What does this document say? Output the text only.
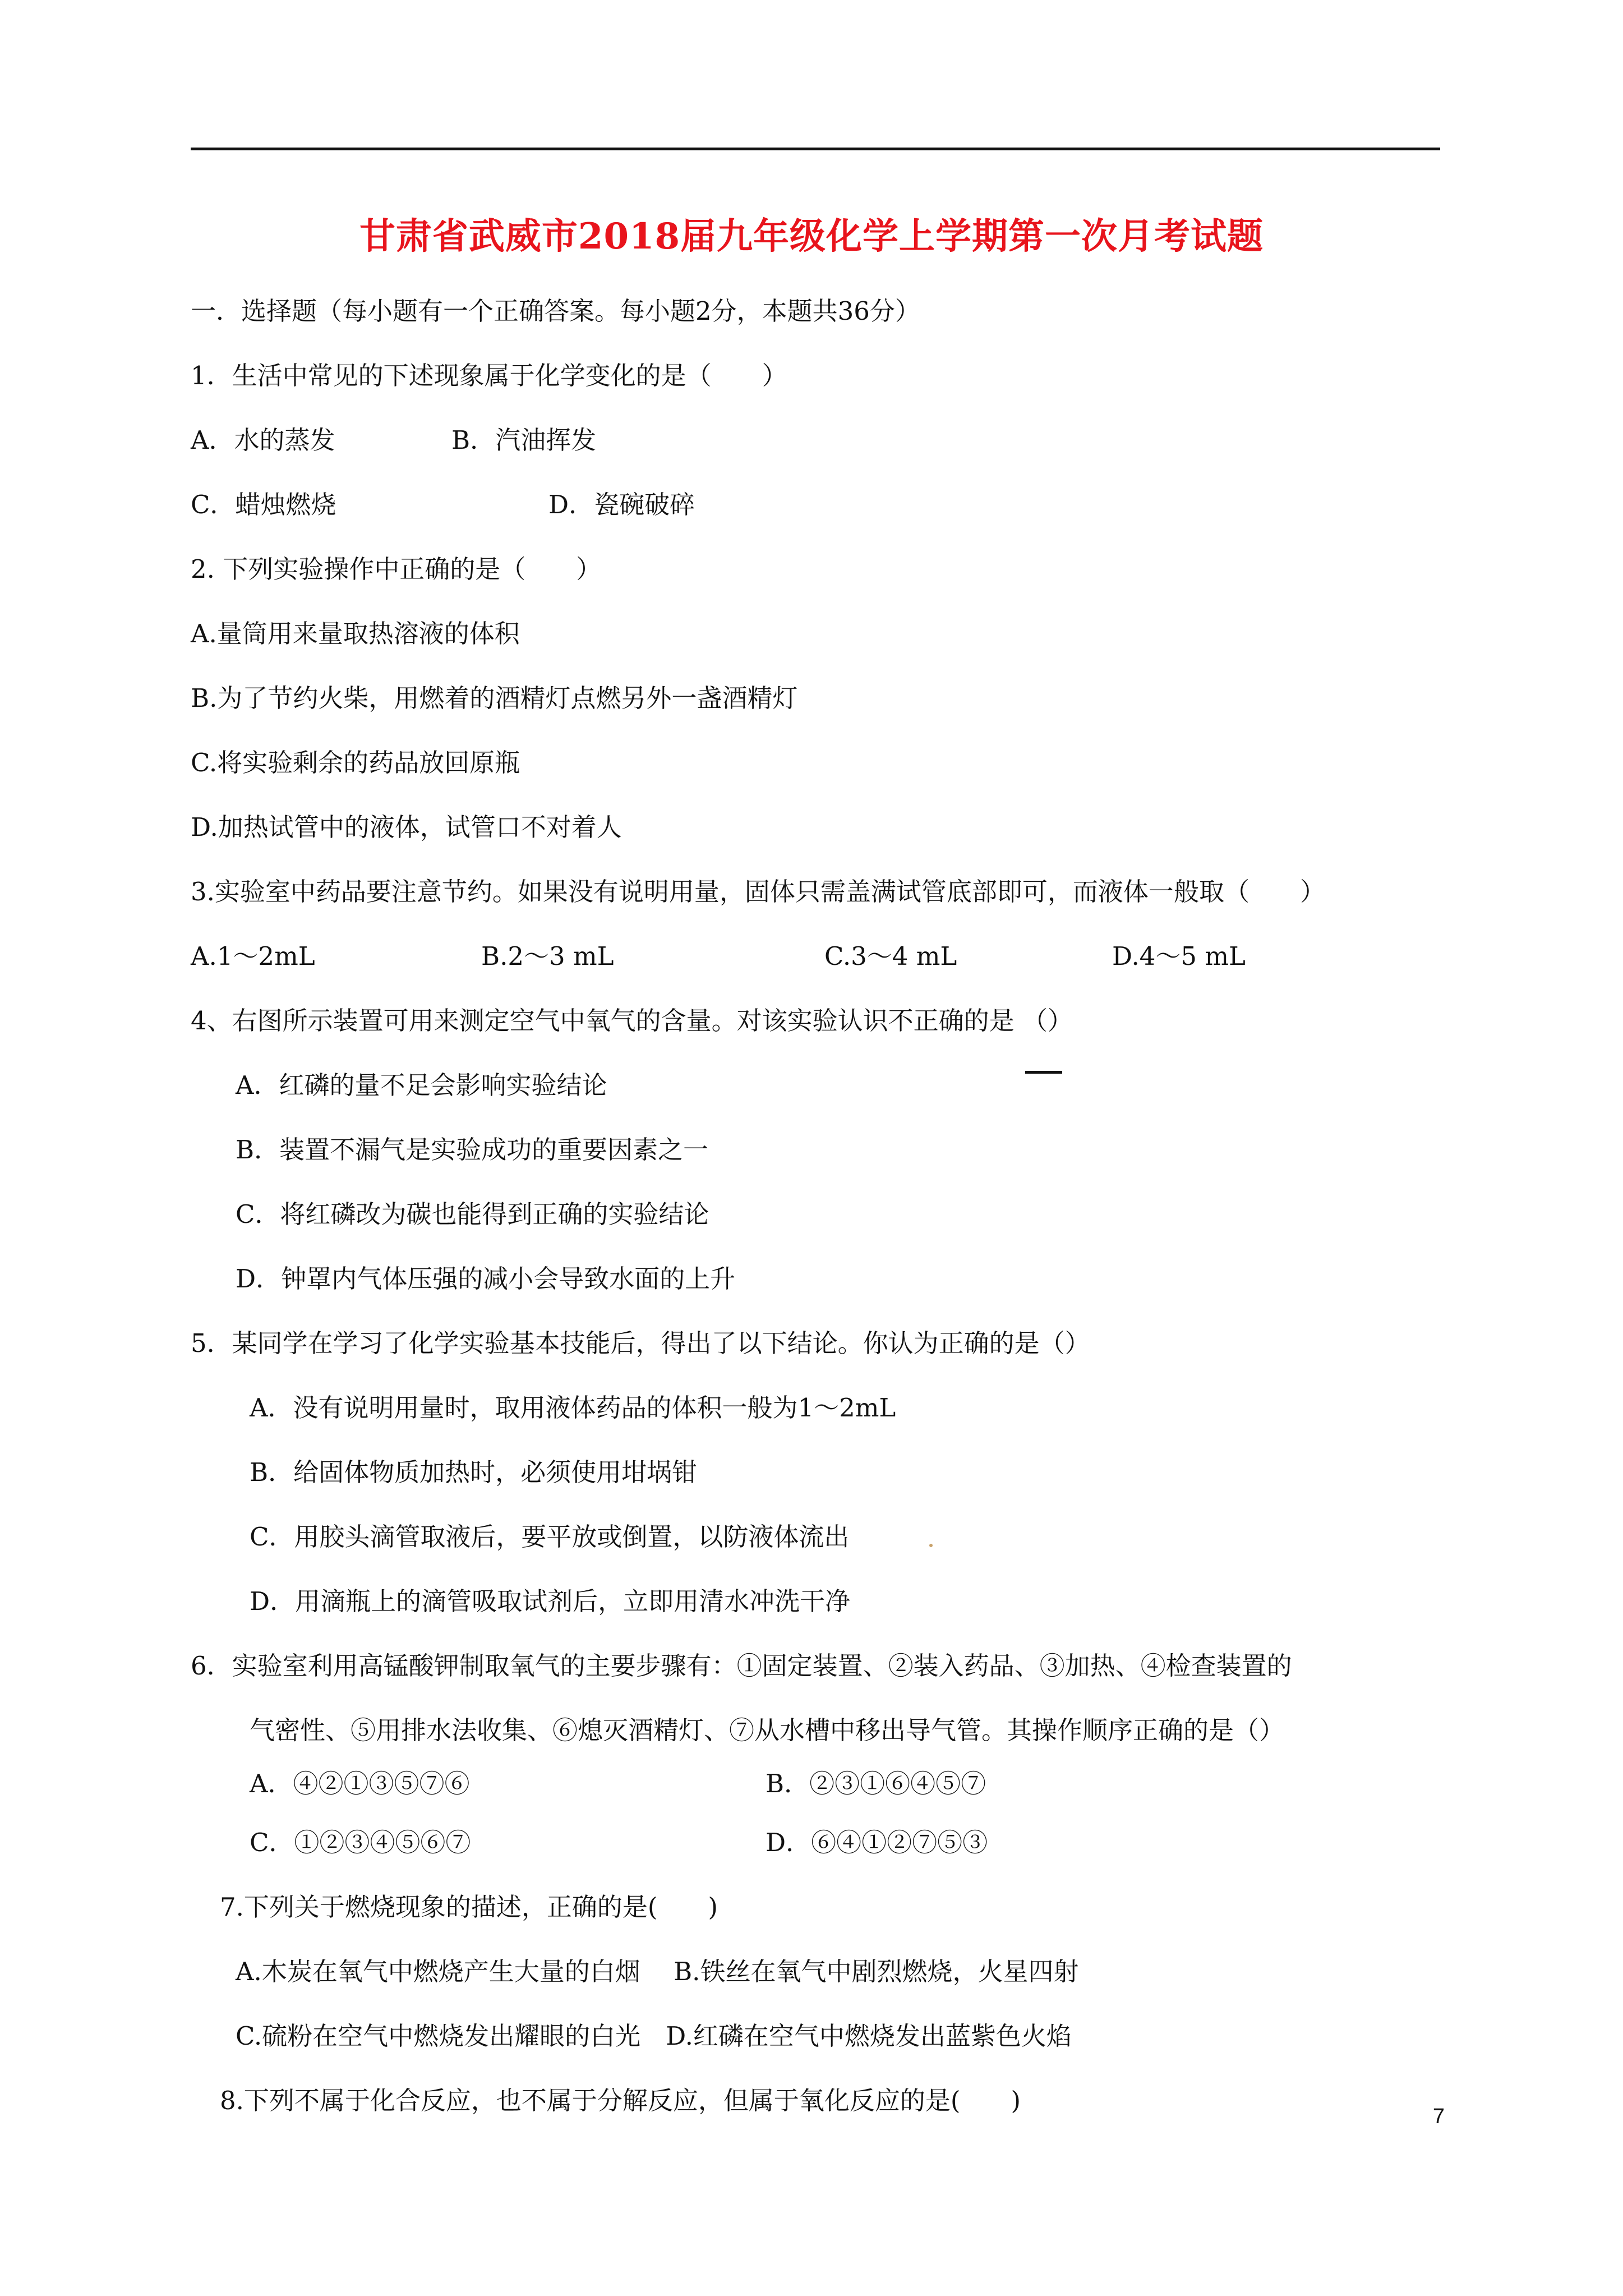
甘肃省武威市2018届九年级化学上学期第一次月考试题
一．选择题（每小题有一个正确答案。每小题2分，本题共36分）
1．生活中常见的下述现象属于化学变化的是（　　）
A．水的蒸发	B．汽油挥发
C．蜡烛燃烧	D．瓷碗破碎
2. 下列实验操作中正确的是（　　）
A.量筒用来量取热溶液的体积
B.为了节约火柴，用燃着的酒精灯点燃另外一盏酒精灯
C.将实验剩余的药品放回原瓶
D.加热试管中的液体，试管口不对着人
3.实验室中药品要注意节约。如果没有说明用量，固体只需盖满试管底部即可，而液体一般取（　　）
A.1～2mL	B.2～3 mL	C.3～4 mL	D.4～5 mL
4、右图所示装置可用来测定空气中氧气的含量。对该实验认识不正确的是 （）
A．红磷的量不足会影响实验结论
B．装置不漏气是实验成功的重要因素之一
C．将红磷改为碳也能得到正确的实验结论
D．钟罩内气体压强的减小会导致水面的上升
5．某同学在学习了化学实验基本技能后，得出了以下结论。你认为正确的是（）
A．没有说明用量时，取用液体药品的体积一般为1～2mL
B．给固体物质加热时，必须使用坩埚钳
C．用胶头滴管取液后，要平放或倒置，以防液体流出
D．用滴瓶上的滴管吸取试剂后，立即用清水冲洗干净
6．实验室利用高锰酸钾制取氧气的主要步骤有：①固定装置、②装入药品、③加热、④检查装置的
气密性、⑤用排水法收集、⑥熄灭酒精灯、⑦从水槽中移出导气管。其操作顺序正确的是（）
A．④②①③⑤⑦⑥	B．②③①⑥④⑤⑦
C．①②③④⑤⑥⑦	D．⑥④①②⑦⑤③
7.下列关于燃烧现象的描述，正确的是(　　)
A.木炭在氧气中燃烧产生大量的白烟　 B.铁丝在氧气中剧烈燃烧，火星四射
C.硫粉在空气中燃烧发出耀眼的白光　D.红磷在空气中燃烧发出蓝紫色火焰
8.下列不属于化合反应，也不属于分解反应，但属于氧化反应的是(　　)
7
